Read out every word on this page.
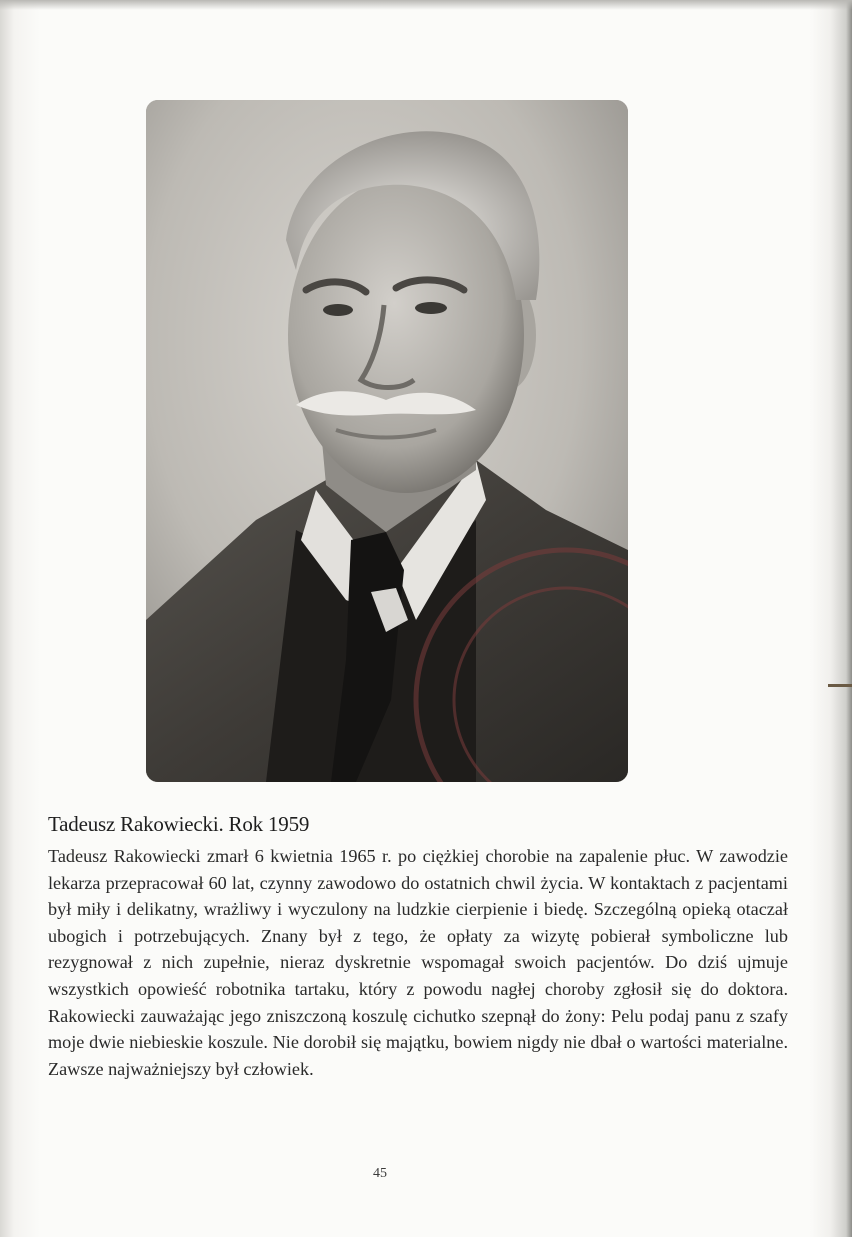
Tadeusz Rakowiecki. Rok 1959
Tadeusz Rakowiecki zmarł 6 kwietnia 1965 r. po ciężkiej chorobie na zapalenie płuc. W zawodzie lekarza przepracował 60 lat, czynny zawodowo do ostatnich chwil życia. W kontaktach z pacjentami był miły i delikatny, wrażliwy i wyczulony na ludzkie cierpienie i biedę. Szczególną opieką otaczał ubogich i potrzebujących. Znany był z tego, że opłaty za wizytę pobierał symboliczne lub rezygnował z nich zupełnie, nieraz dyskretnie wspomagał swoich pacjentów. Do dziś ujmuje wszystkich opowieść robotnika tartaku, który z powodu nagłej choroby zgłosił się do doktora. Rakowiecki zauważając jego zniszczoną koszulę cichutko szepnął do żony: Pelu podaj panu z szafy moje dwie niebieskie koszule. Nie dorobił się majątku, bowiem nigdy nie dbał o wartości materialne. Zawsze najważniejszy był człowiek.
45
